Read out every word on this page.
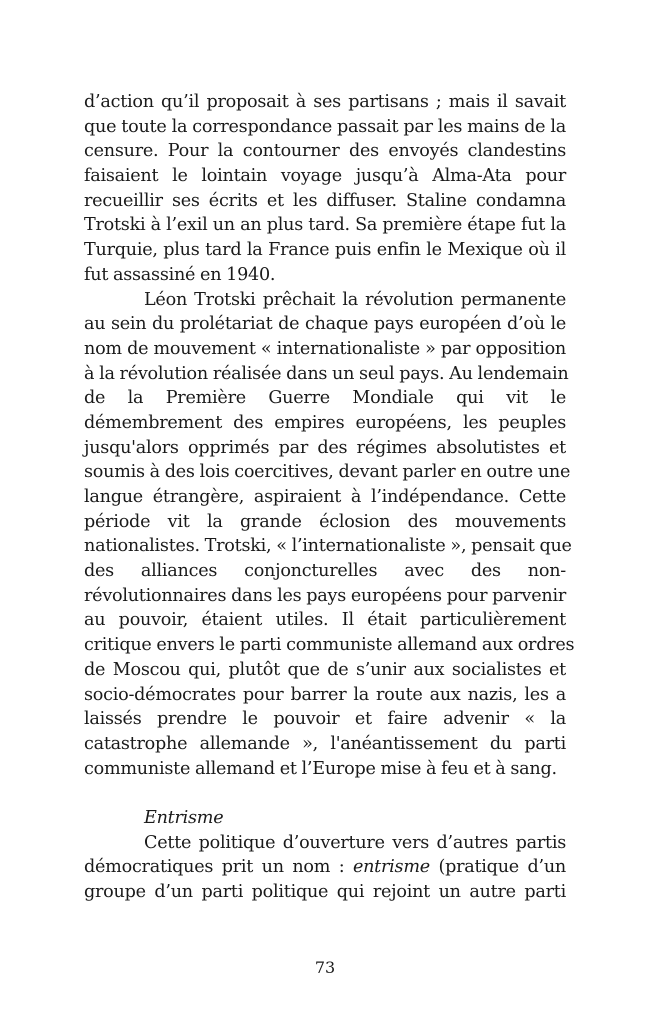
d’action qu’il proposait à ses partisans ; mais il savait
que toute la correspondance passait par les mains de la
censure. Pour la contourner des envoyés clandestins
faisaient le lointain voyage jusqu’à Alma-Ata pour
recueillir ses écrits et les diffuser. Staline condamna
Trotski à l’exil un an plus tard. Sa première étape fut la
Turquie, plus tard la France puis enfin le Mexique où il
fut assassiné en 1940.
Léon Trotski prêchait la révolution permanente
au sein du prolétariat de chaque pays européen d’où le
nom de mouvement « internationaliste » par opposition
à la révolution réalisée dans un seul pays. Au lendemain
de la Première Guerre Mondiale qui vit le
démembrement des empires européens, les peuples
jusqu'alors opprimés par des régimes absolutistes et
soumis à des lois coercitives, devant parler en outre une
langue étrangère, aspiraient à l’indépendance. Cette
période vit la grande éclosion des mouvements
nationalistes. Trotski, « l’internationaliste », pensait que
des alliances conjoncturelles avec des non-
révolutionnaires dans les pays européens pour parvenir
au pouvoir, étaient utiles. Il était particulièrement
critique envers le parti communiste allemand aux ordres
de Moscou qui, plutôt que de s’unir aux socialistes et
socio-démocrates pour barrer la route aux nazis, les a
laissés prendre le pouvoir et faire advenir « la
catastrophe allemande », l'anéantissement du parti
communiste allemand et l’Europe mise à feu et à sang.
Entrisme
Cette politique d’ouverture vers d’autres partis
démocratiques prit un nom : entrisme (pratique d’un
groupe d’un parti politique qui rejoint un autre parti
73
